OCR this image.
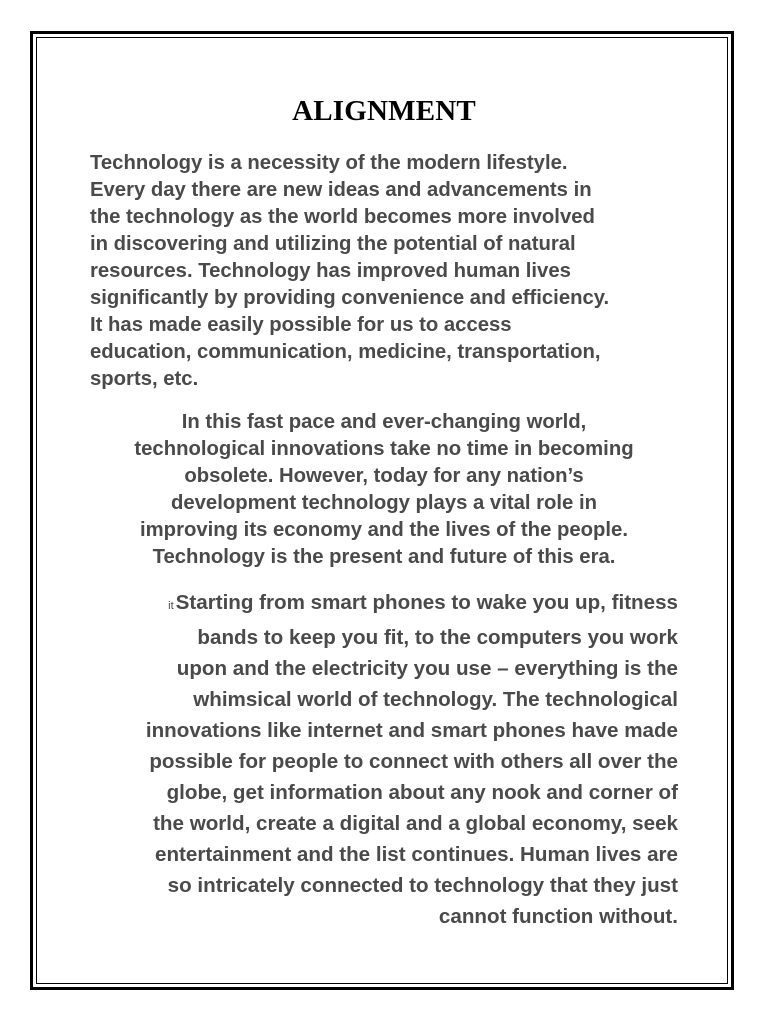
ALIGNMENT

Technology is a necessity of the modern lifestyle.
Every day there are new ideas and advancements in
the technology as the world becomes more involved
in discovering and utilizing the potential of natural
resources. Technology has improved human lives
significantly by providing convenience and efficiency.
It has made easily possible for us to access
education, communication, medicine, transportation,
sports, etc.

In this fast pace and ever-changing world,
technological innovations take no time in becoming
obsolete. However, today for any nation’s
development technology plays a vital role in
improving its economy and the lives of the people.
Technology is the present and future of this era.

itStarting from smart phones to wake you up, fitness
bands to keep you fit, to the computers you work
upon and the electricity you use – everything is the
whimsical world of technology. The technological
innovations like internet and smart phones have made
possible for people to connect with others all over the
globe, get information about any nook and corner of
the world, create a digital and a global economy, seek
entertainment and the list continues. Human lives are
so intricately connected to technology that they just
cannot function without.
